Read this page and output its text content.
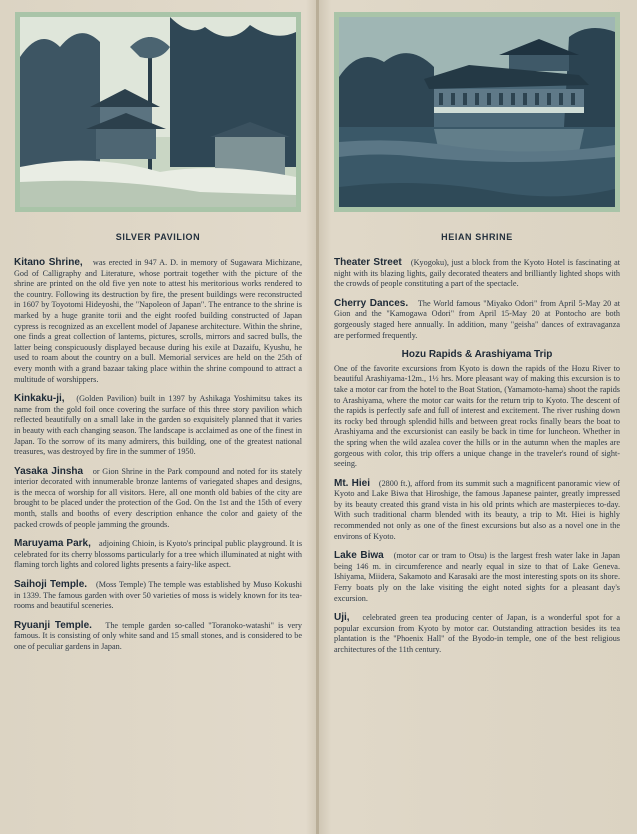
SILVER PAVILION
Kitano Shrine,   was erected in 947 A. D. in memory of Sugawara Michizane, God of Calligraphy and Literature, whose portrait together with the picture of the shrine are printed on the old five yen note to attest his meritorious works rendered to the country. Following its destruction by fire, the present buildings were reconstructed in 1607 by Toyotomi Hideyoshi, the "Napoleon of Japan". The entrance to the shrine is marked by a huge granite torii and the eight roofed building constructed of Japan cypress is recognized as an excellent model of Japanese architecture. Within the shrine, one finds a great collection of lanterns, pictures, scrolls, mirrors and sacred bulls, the latter being conspicuously displayed because during his exile at Dazaifu, Kyushu, he used to roam about the country on a bull. Memorial services are held on the 25th of every month with a grand bazaar taking place within the shrine compound to attract a multitude of worshippers.
Kinkaku-ji,   (Golden Pavilion) built in 1397 by Ashikaga Yoshimitsu takes its name from the gold foil once covering the surface of this three story pavilion which reflected beautifully on a small lake in the garden so exquisitely planned that it varies in beauty with each changing season. The landscape is acclaimed as one of the finest in Japan. To the sorrow of its many admirers, this building, one of the greatest national treasures, was destroyed by fire in the summer of 1950.
Yasaka Jinsha   or Gion Shrine in the Park compound and noted for its stately interior decorated with innumerable bronze lanterns of variegated shapes and designs, is the mecca of worship for all visitors. Here, all one month old babies of the city are brought to be placed under the protection of the God. On the 1st and the 15th of every month, stalls and booths of every description enhance the color and gaiety of the packed crowds of people jamming the grounds.
Maruyama Park,   adjoining Chioin, is Kyoto's principal public playground. It is celebrated for its cherry blossoms particularly for a tree which illuminated at night with flaming torch lights and colored lights presents a fairy-like aspect.
Saihoji Temple.   (Moss Temple) The temple was established by Muso Kokushi in 1339. The famous garden with over 50 varieties of moss is widely known for its tea-rooms and beautiful sceneries.
Ryuanji Temple.   The temple garden so-called "Toranoko-watashi" is very famous. It is consisting of only white sand and 15 small stones, and is considered to be one of peculiar gardens in Japan.
HEIAN SHRINE
Theater Street   (Kyogoku), just a block from the Kyoto Hotel is fascinating at night with its blazing lights, gaily decorated theaters and brilliantly lighted shops with the crowds of people constituting a part of the spectacle.
Cherry Dances.   The World famous "Miyako Odori" from April 5-May 20 at Gion and the "Kamogawa Odori" from April 15-May 20 at Pontocho are both gorgeously staged here annually. In addition, many "geisha" dances of extravaganza are performed frequently.
Hozu Rapids & Arashiyama Trip
One of the favorite excursions from Kyoto is down the rapids of the Hozu River to beautiful Arashiyama-12m., 1½ hrs. More pleasant way of making this excursion is to take a motor car from the hotel to the Boat Station, (Yamamoto-hama) shoot the rapids to Arashiyama, where the motor car waits for the return trip to Kyoto. The descent of the rapids is perfectly safe and full of interest and excitement. The river rushing down its rocky bed through splendid hills and between great rocks finally bears the boat to Arashiyama and the excursionist can easily be back in time for luncheon. Whether in the spring when the wild azalea cover the hills or in the autumn when the maples are gorgeous with color, this trip offers a unique change in the traveler's round of sight-seeing.
Mt. Hiei   (2800 ft.), afford from its summit such a magnificent panoramic view of Kyoto and Lake Biwa that Hiroshige, the famous Japanese painter, greatly impressed by its beauty created this grand vista in his old prints which are masterpieces to-day. With such traditional charm blended with its beauty, a trip to Mt. Hiei is highly recommended not only as one of the finest excursions but also as a novel one in the environs of Kyoto.
Lake Biwa   (motor car or tram to Otsu) is the largest fresh water lake in Japan being 146 m. in circumference and nearly equal in size to that of Lake Geneva. Ishiyama, Miidera, Sakamoto and Karasaki are the most interesting spots on its shore. Ferry boats ply on the lake visiting the eight noted sights for a pleasant day's excursion.
Uji,   celebrated green tea producing center of Japan, is a wonderful spot for a popular excursion from Kyoto by motor car. Outstanding attraction besides its tea plantation is the "Phoenix Hall" of the Byodo-in temple, one of the best religious architectures of the 11th century.
